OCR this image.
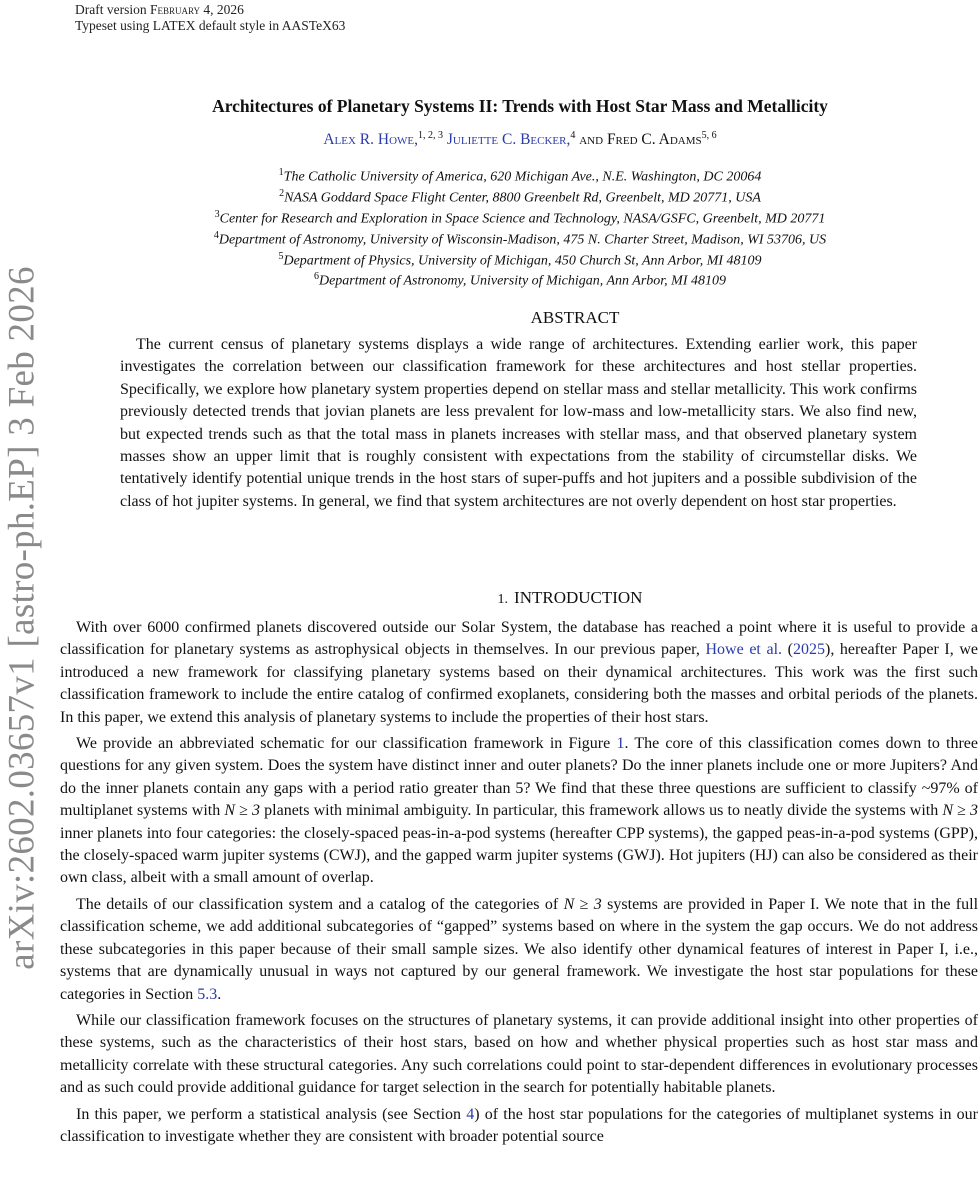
Draft version February 4, 2026
Typeset using LATEX default style in AASTeX63
arXiv:2602.03657v1 [astro-ph.EP] 3 Feb 2026
Architectures of Planetary Systems II: Trends with Host Star Mass and Metallicity
Alex R. Howe,$^{1, 2, 3}$ Juliette C. Becker,$^4$ and Fred C. Adams$^{5, 6}$
$^1$The Catholic University of America, 620 Michigan Ave., N.E. Washington, DC 20064
$^2$NASA Goddard Space Flight Center, 8800 Greenbelt Rd, Greenbelt, MD 20771, USA
$^3$Center for Research and Exploration in Space Science and Technology, NASA/GSFC, Greenbelt, MD 20771
$^4$Department of Astronomy, University of Wisconsin-Madison, 475 N. Charter Street, Madison, WI 53706, US
$^5$Department of Physics, University of Michigan, 450 Church St, Ann Arbor, MI 48109
$^6$Department of Astronomy, University of Michigan, Ann Arbor, MI 48109
ABSTRACT

The current census of planetary systems displays a wide range of architectures. Extending earlier work, this paper investigates the correlation between our classification framework for these architectures and host stellar properties. Specifically, we explore how planetary system properties depend on stellar mass and stellar metallicity. This work confirms previously detected trends that jovian planets are less prevalent for low-mass and low-metallicity stars. We also find new, but expected trends such as that the total mass in planets increases with stellar mass, and that observed planetary system masses show an upper limit that is roughly consistent with expectations from the stability of circumstellar disks. We tentatively identify potential unique trends in the host stars of super-puffs and hot jupiters and a possible subdivision of the class of hot jupiter systems. In general, we find that system architectures are not overly dependent on host star properties.

1. INTRODUCTION

With over 6000 confirmed planets discovered outside our Solar System, the database has reached a point where it is useful to provide a classification for planetary systems as astrophysical objects in themselves. In our previous paper, Howe et al. (2025), hereafter Paper I, we introduced a new framework for classifying planetary systems based on their dynamical architectures. This work was the first such classification framework to include the entire catalog of confirmed exoplanets, considering both the masses and orbital periods of the planets. In this paper, we extend this analysis of planetary systems to include the properties of their host stars.

We provide an abbreviated schematic for our classification framework in Figure 1. The core of this classification comes down to three questions for any given system. Does the system have distinct inner and outer planets? Do the inner planets include one or more Jupiters? And do the inner planets contain any gaps with a period ratio greater than 5? We find that these three questions are sufficient to classify ~97% of multiplanet systems with N ≥ 3 planets with minimal ambiguity. In particular, this framework allows us to neatly divide the systems with N ≥ 3 inner planets into four categories: the closely-spaced peas-in-a-pod systems (hereafter CPP systems), the gapped peas-in-a-pod systems (GPP), the closely-spaced warm jupiter systems (CWJ), and the gapped warm jupiter systems (GWJ). Hot jupiters (HJ) can also be considered as their own class, albeit with a small amount of overlap.

The details of our classification system and a catalog of the categories of N ≥ 3 systems are provided in Paper I. We note that in the full classification scheme, we add additional subcategories of “gapped” systems based on where in the system the gap occurs. We do not address these subcategories in this paper because of their small sample sizes. We also identify other dynamical features of interest in Paper I, i.e., systems that are dynamically unusual in ways not captured by our general framework. We investigate the host star populations for these categories in Section 5.3.

While our classification framework focuses on the structures of planetary systems, it can provide additional insight into other properties of these systems, such as the characteristics of their host stars, based on how and whether physical properties such as host star mass and metallicity correlate with these structural categories. Any such correlations could point to star-dependent differences in evolutionary processes and as such could provide additional guidance for target selection in the search for potentially habitable planets.

In this paper, we perform a statistical analysis (see Section 4) of the host star populations for the categories of multiplanet systems in our classification to investigate whether they are consistent with broader potential source
